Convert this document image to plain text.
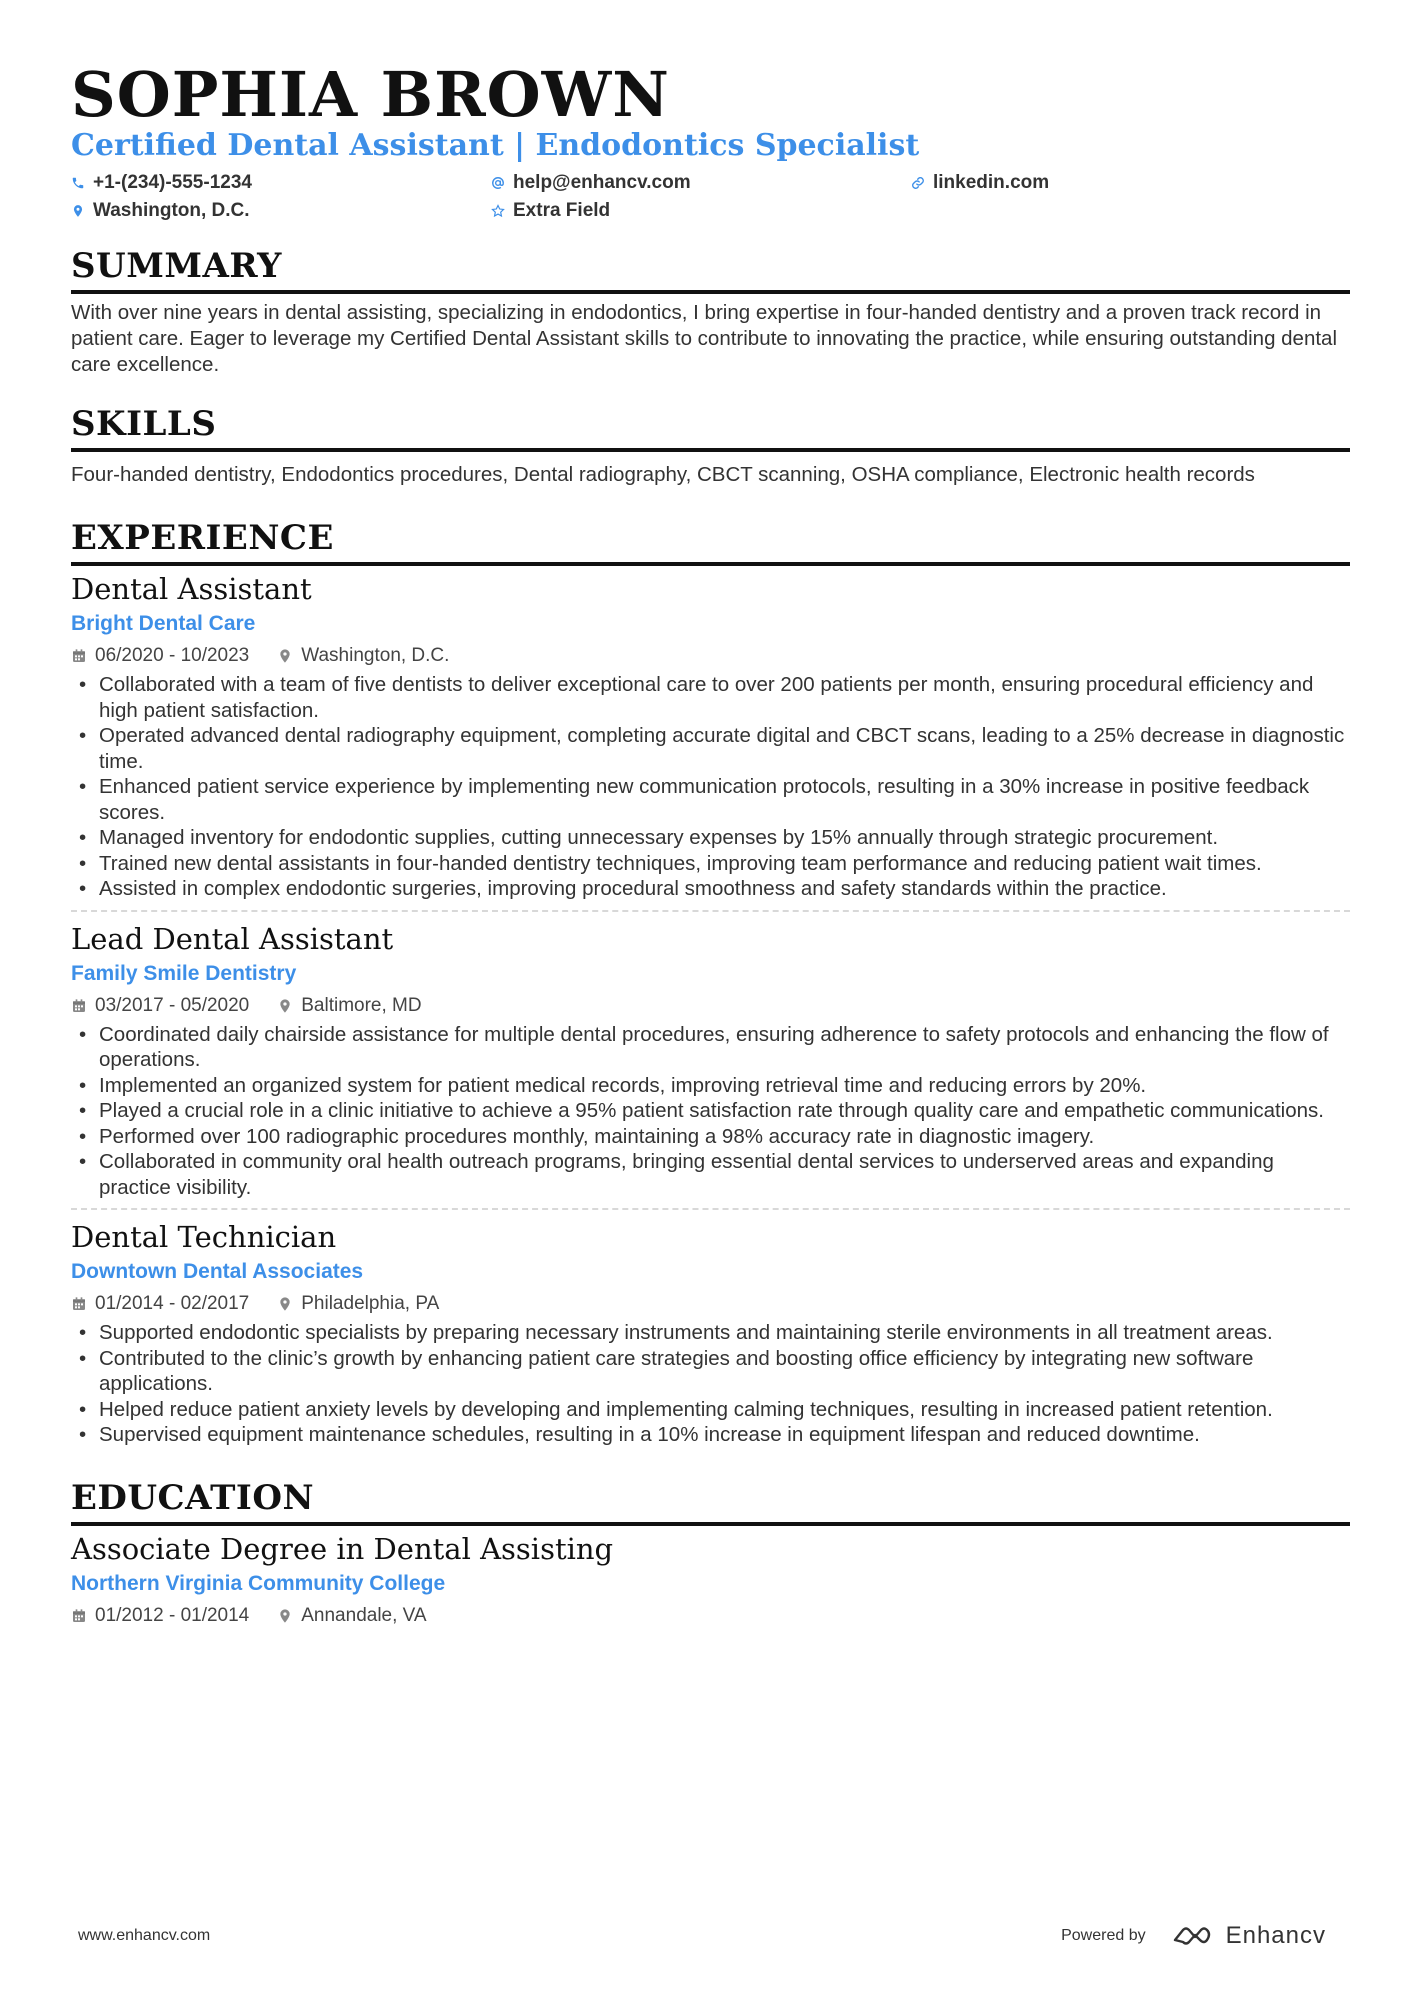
SOPHIA BROWN
Certified Dental Assistant | Endodontics Specialist
+1-(234)-555-1234	help@enhancv.com	linkedin.com
Washington, D.C.	Extra Field
SUMMARY
With over nine years in dental assisting, specializing in endodontics, I bring expertise in four-handed dentistry and a proven track record in patient care. Eager to leverage my Certified Dental Assistant skills to contribute to innovating the practice, while ensuring outstanding dental care excellence.
SKILLS
Four-handed dentistry, Endodontics procedures, Dental radiography, CBCT scanning, OSHA compliance, Electronic health records
EXPERIENCE
Dental Assistant
Bright Dental Care
06/2020 - 10/2023	Washington, D.C.
• Collaborated with a team of five dentists to deliver exceptional care to over 200 patients per month, ensuring procedural efficiency and high patient satisfaction.
• Operated advanced dental radiography equipment, completing accurate digital and CBCT scans, leading to a 25% decrease in diagnostic time.
• Enhanced patient service experience by implementing new communication protocols, resulting in a 30% increase in positive feedback scores.
• Managed inventory for endodontic supplies, cutting unnecessary expenses by 15% annually through strategic procurement.
• Trained new dental assistants in four-handed dentistry techniques, improving team performance and reducing patient wait times.
• Assisted in complex endodontic surgeries, improving procedural smoothness and safety standards within the practice.
Lead Dental Assistant
Family Smile Dentistry
03/2017 - 05/2020	Baltimore, MD
• Coordinated daily chairside assistance for multiple dental procedures, ensuring adherence to safety protocols and enhancing the flow of operations.
• Implemented an organized system for patient medical records, improving retrieval time and reducing errors by 20%.
• Played a crucial role in a clinic initiative to achieve a 95% patient satisfaction rate through quality care and empathetic communications.
• Performed over 100 radiographic procedures monthly, maintaining a 98% accuracy rate in diagnostic imagery.
• Collaborated in community oral health outreach programs, bringing essential dental services to underserved areas and expanding practice visibility.
Dental Technician
Downtown Dental Associates
01/2014 - 02/2017	Philadelphia, PA
• Supported endodontic specialists by preparing necessary instruments and maintaining sterile environments in all treatment areas.
• Contributed to the clinic’s growth by enhancing patient care strategies and boosting office efficiency by integrating new software applications.
• Helped reduce patient anxiety levels by developing and implementing calming techniques, resulting in increased patient retention.
• Supervised equipment maintenance schedules, resulting in a 10% increase in equipment lifespan and reduced downtime.
EDUCATION
Associate Degree in Dental Assisting
Northern Virginia Community College
01/2012 - 01/2014	Annandale, VA
www.enhancv.com	Powered by	Enhancv
